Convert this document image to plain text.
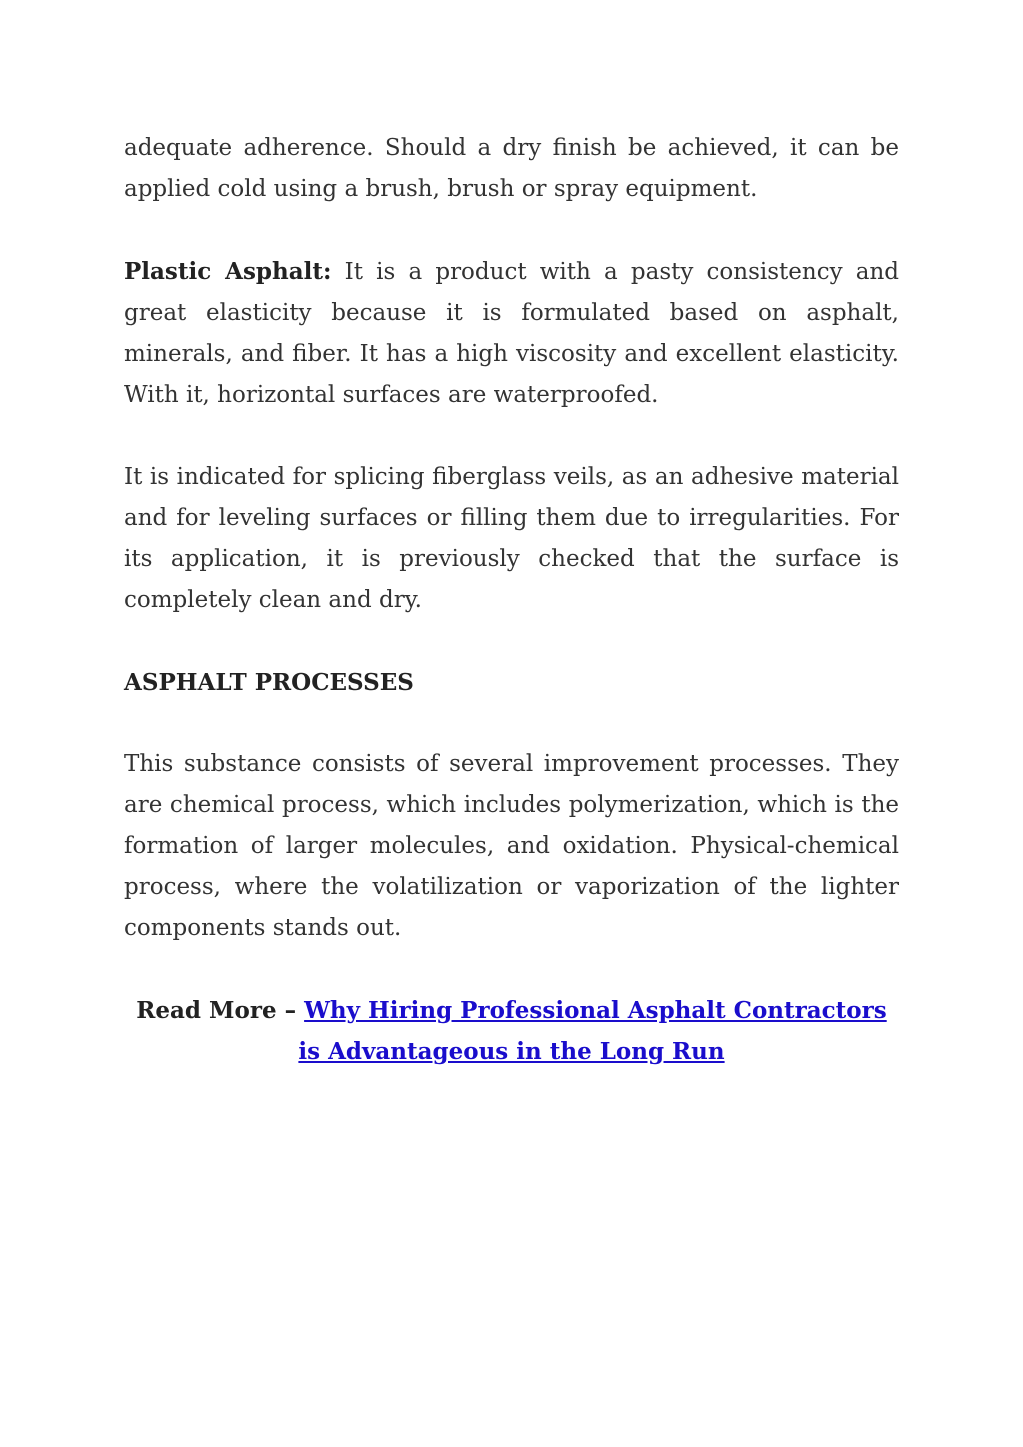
adequate adherence. Should a dry finish be achieved, it can be applied cold using a brush, brush or spray equipment.

Plastic Asphalt: It is a product with a pasty consistency and great elasticity because it is formulated based on asphalt, minerals, and fiber. It has a high viscosity and excellent elasticity. With it, horizontal surfaces are waterproofed.

It is indicated for splicing fiberglass veils, as an adhesive material and for leveling surfaces or filling them due to irregularities. For its application, it is previously checked that the surface is completely clean and dry.

ASPHALT PROCESSES

This substance consists of several improvement processes. They are chemical process, which includes polymerization, which is the formation of larger molecules, and oxidation. Physical-chemical process, where the volatilization or vaporization of the lighter components stands out.

Read More – Why Hiring Professional Asphalt Contractors is Advantageous in the Long Run
